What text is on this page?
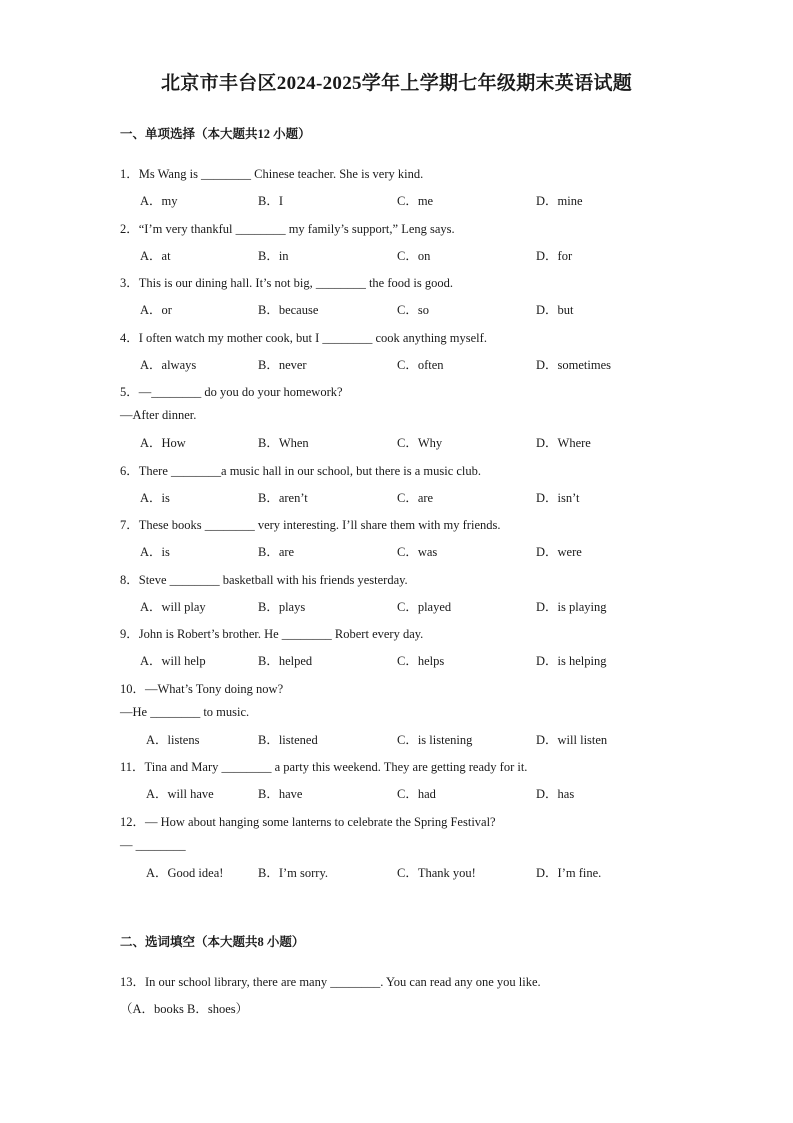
北京市丰台区2024-2025学年上学期七年级期末英语试题
一、单项选择（本大题共12 小题）
1．Ms Wang is ________ Chinese teacher. She is very kind.
A．my	B．I	C．me	D．mine
2．“I’m very thankful ________ my family’s support,” Leng says.
A．at	B．in	C．on	D．for
3．This is our dining hall. It’s not big, ________ the food is good.
A．or	B．because	C．so	D．but
4．I often watch my mother cook, but I ________ cook anything myself.
A．always	B．never	C．often	D．sometimes
5．—________ do you do your homework?
—After dinner.
A．How	B．When	C．Why	D．Where
6．There ________a music hall in our school, but there is a music club.
A．is	B．aren’t	C．are	D．isn’t
7．These books ________ very interesting. I’ll share them with my friends.
A．is	B．are	C．was	D．were
8．Steve ________ basketball with his friends yesterday.
A．will play	B．plays	C．played	D．is playing
9．John is Robert’s brother. He ________ Robert every day.
A．will help	B．helped	C．helps	D．is helping
10．—What’s Tony doing now?
—He ________ to music.
A．listens	B．listened	C．is listening	D．will listen
11．Tina and Mary ________ a party this weekend. They are getting ready for it.
A．will have	B．have	C．had	D．has
12．— How about hanging some lanterns to celebrate the Spring Festival?
— ________
A．Good idea!	B．I’m sorry.	C．Thank you!	D．I’m fine.
二、选词填空（本大题共8 小题）
13．In our school library, there are many ________. You can read any one you like.
（A．books B．shoes）
